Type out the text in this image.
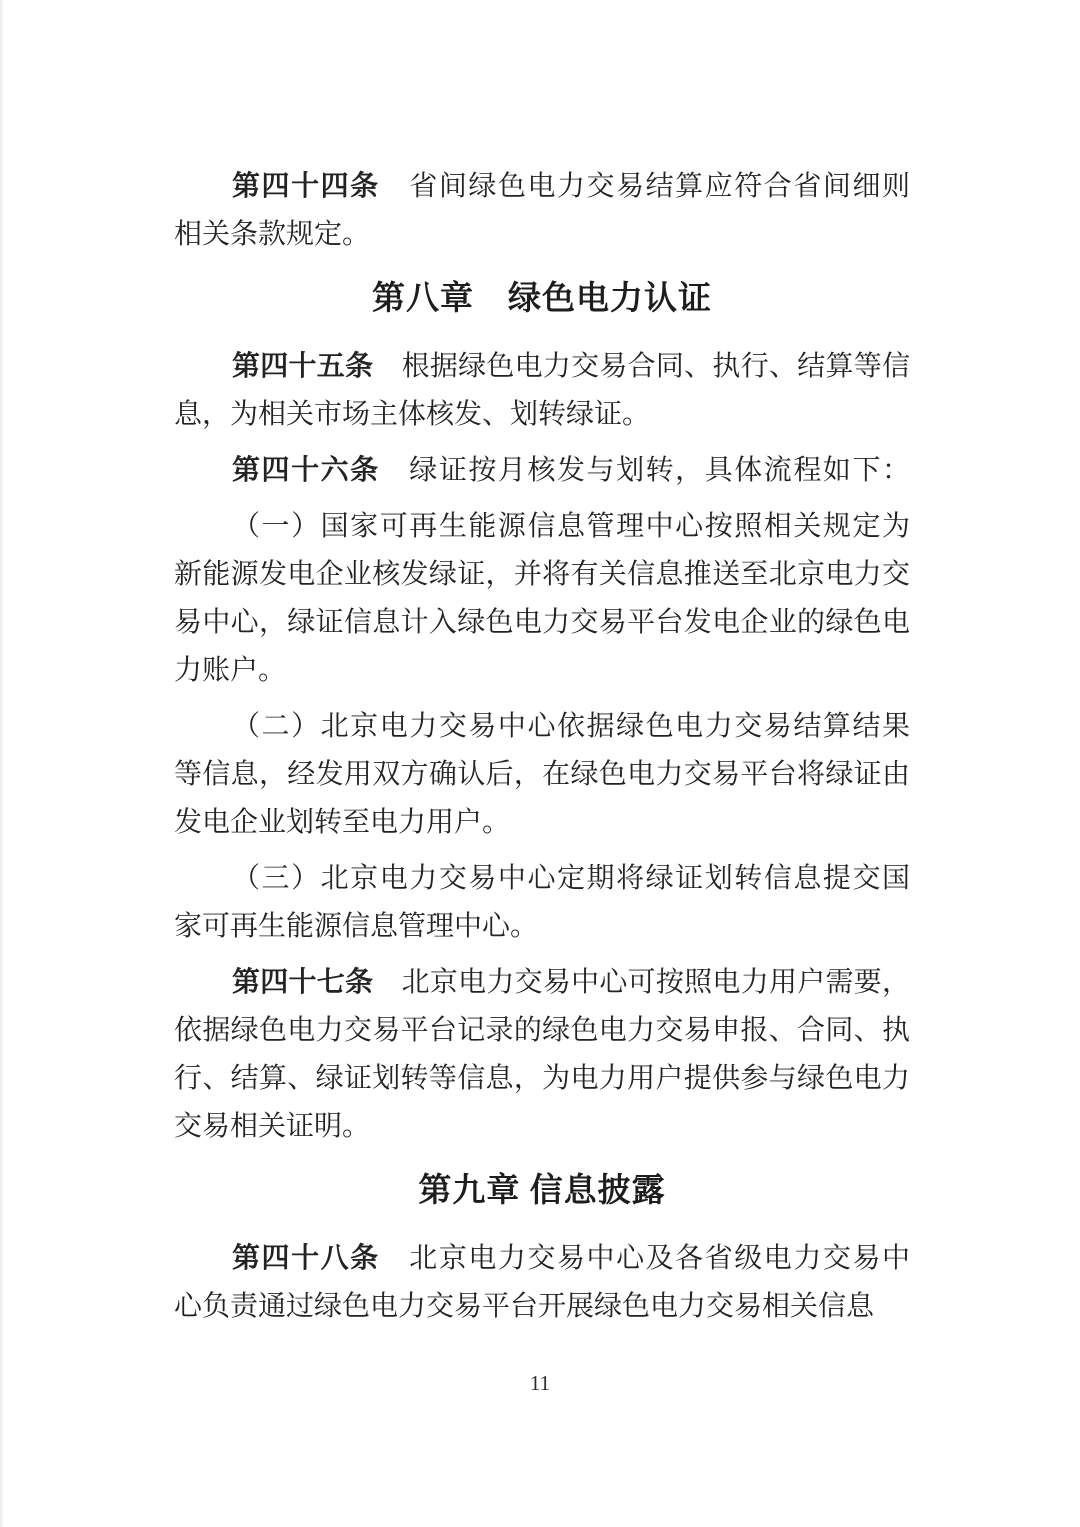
第四十四条　省间绿色电力交易结算应符合省间细则
相关条款规定。
第八章　绿色电力认证
第四十五条　根据绿色电力交易合同、执行、结算等信
息，为相关市场主体核发、划转绿证。
第四十六条　绿证按月核发与划转，具体流程如下：
（一）国家可再生能源信息管理中心按照相关规定为
新能源发电企业核发绿证，并将有关信息推送至北京电力交
易中心，绿证信息计入绿色电力交易平台发电企业的绿色电
力账户。
（二）北京电力交易中心依据绿色电力交易结算结果
等信息，经发用双方确认后，在绿色电力交易平台将绿证由
发电企业划转至电力用户。
（三）北京电力交易中心定期将绿证划转信息提交国
家可再生能源信息管理中心。
第四十七条　北京电力交易中心可按照电力用户需要，
依据绿色电力交易平台记录的绿色电力交易申报、合同、执
行、结算、绿证划转等信息，为电力用户提供参与绿色电力
交易相关证明。
第九章 信息披露
第四十八条　北京电力交易中心及各省级电力交易中
心负责通过绿色电力交易平台开展绿色电力交易相关信息
11
